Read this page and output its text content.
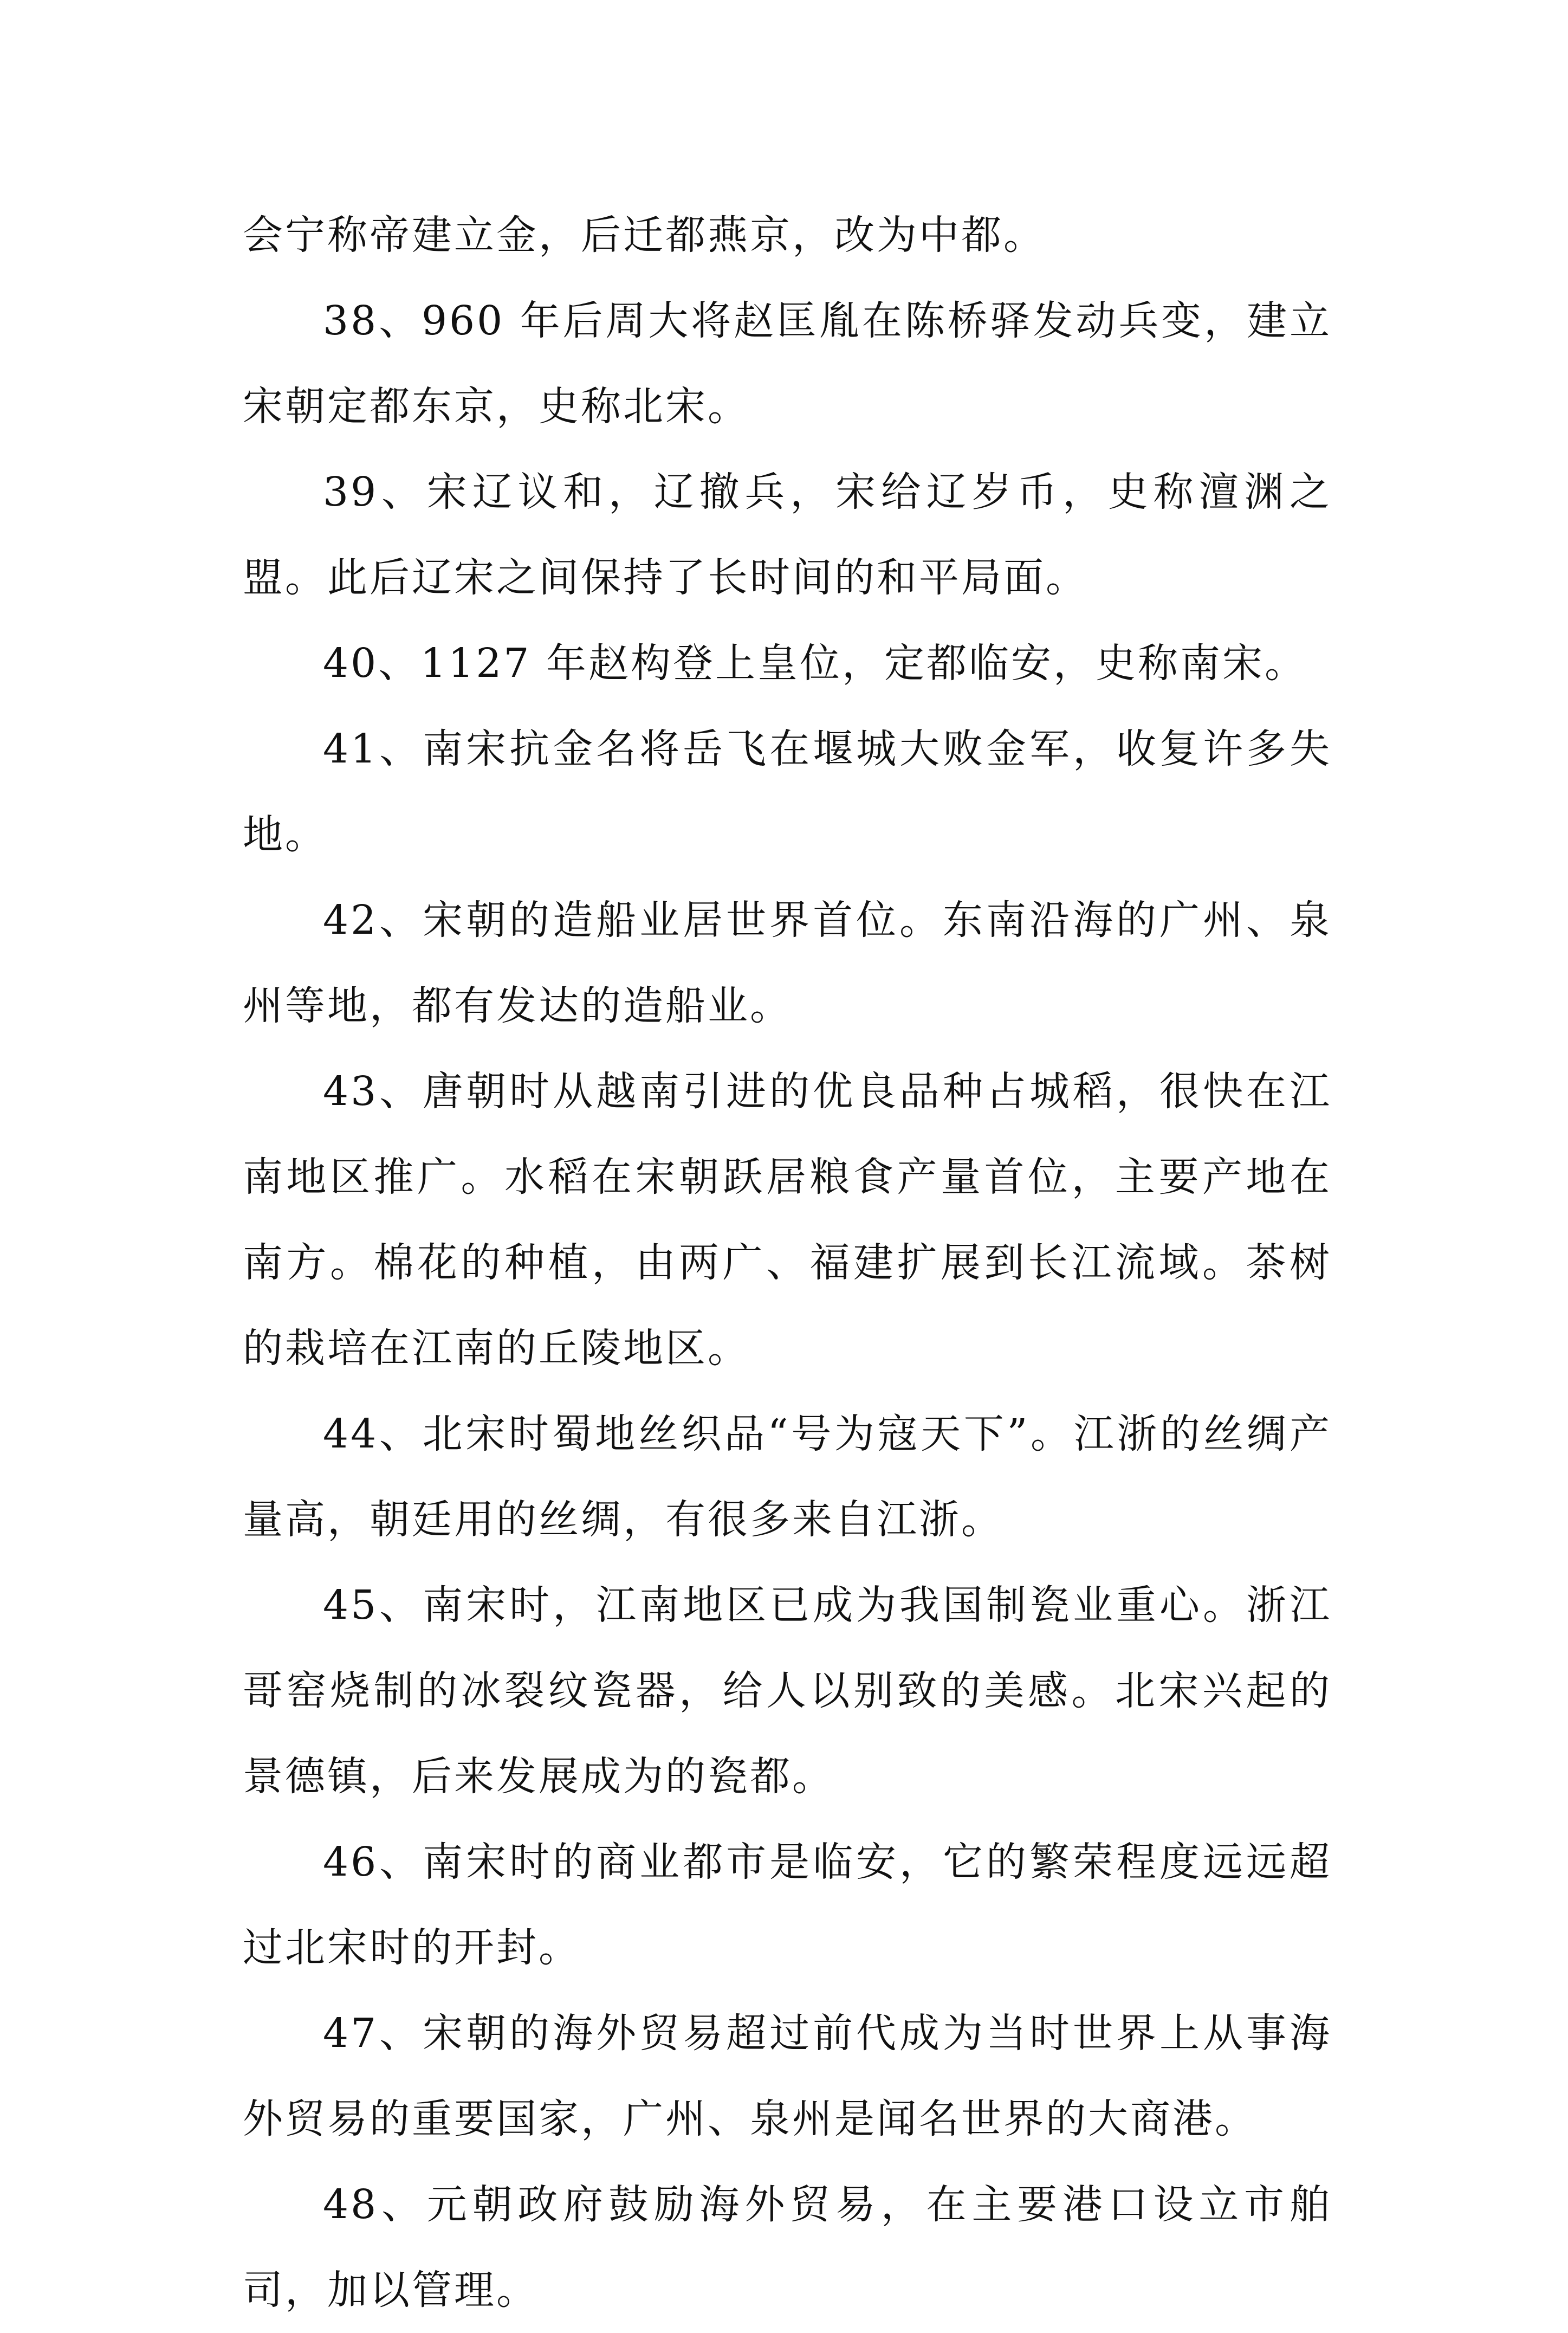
会宁称帝建立金，后迁都燕京，改为中都。

38、960 年后周大将赵匡胤在陈桥驿发动兵变，建立宋朝定都东京，史称北宋。

39、宋辽议和，辽撤兵，宋给辽岁币，史称澶渊之盟。此后辽宋之间保持了长时间的和平局面。

40、1127 年赵构登上皇位，定都临安，史称南宋。

41、南宋抗金名将岳飞在堰城大败金军，收复许多失地。

42、宋朝的造船业居世界首位。东南沿海的广州、泉州等地，都有发达的造船业。

43、唐朝时从越南引进的优良品种占城稻，很快在江南地区推广。水稻在宋朝跃居粮食产量首位，主要产地在南方。棉花的种植，由两广、福建扩展到长江流域。茶树的栽培在江南的丘陵地区。

44、北宋时蜀地丝织品“号为寇天下”。江浙的丝绸产量高，朝廷用的丝绸，有很多来自江浙。

45、南宋时，江南地区已成为我国制瓷业重心。浙江哥窑烧制的冰裂纹瓷器，给人以别致的美感。北宋兴起的景德镇，后来发展成为的瓷都。

46、南宋时的商业都市是临安，它的繁荣程度远远超过北宋时的开封。

47、宋朝的海外贸易超过前代成为当时世界上从事海外贸易的重要国家，广州、泉州是闻名世界的大商港。

48、元朝政府鼓励海外贸易，在主要港口设立市舶司，加以管理。
